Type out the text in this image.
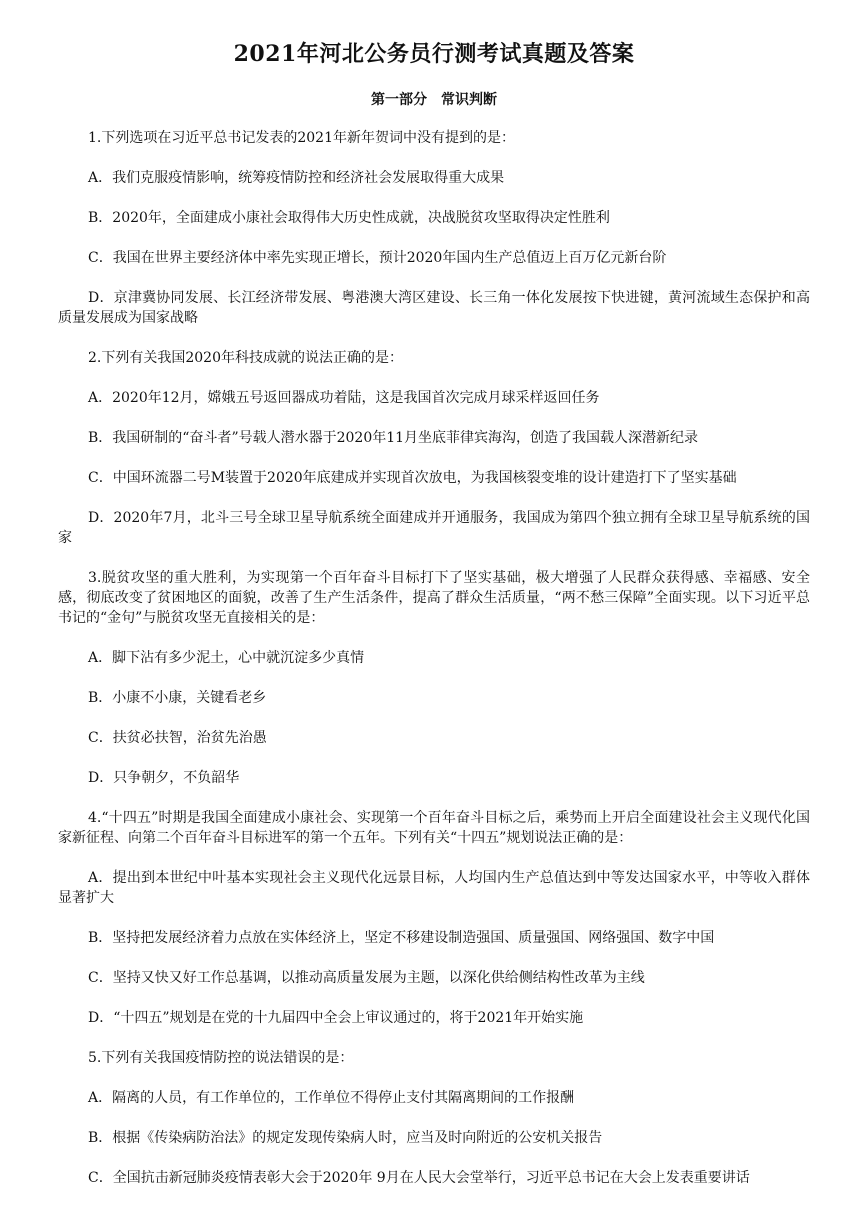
2021年河北公务员行测考试真题及答案
第一部分　常识判断

1.下列选项在习近平总书记发表的2021年新年贺词中没有提到的是：

A．我们克服疫情影响，统筹疫情防控和经济社会发展取得重大成果

B．2020年，全面建成小康社会取得伟大历史性成就，决战脱贫攻坚取得决定性胜利

C．我国在世界主要经济体中率先实现正增长，预计2020年国内生产总值迈上百万亿元新台阶

D．京津冀协同发展、长江经济带发展、粤港澳大湾区建设、长三角一体化发展按下快进键，黄河流域生态保护和高质量发展成为国家战略

2.下列有关我国2020年科技成就的说法正确的是：

A．2020年12月，嫦娥五号返回器成功着陆，这是我国首次完成月球采样返回任务

B．我国研制的“奋斗者”号载人潜水器于2020年11月坐底菲律宾海沟，创造了我国载人深潜新纪录

C．中国环流器二号M装置于2020年底建成并实现首次放电，为我国核裂变堆的设计建造打下了坚实基础

D．2020年7月，北斗三号全球卫星导航系统全面建成并开通服务，我国成为第四个独立拥有全球卫星导航系统的国家

3.脱贫攻坚的重大胜利，为实现第一个百年奋斗目标打下了坚实基础，极大增强了人民群众获得感、幸福感、安全感，彻底改变了贫困地区的面貌，改善了生产生活条件，提高了群众生活质量，“两不愁三保障”全面实现。以下习近平总书记的“金句”与脱贫攻坚无直接相关的是：

A．脚下沾有多少泥土，心中就沉淀多少真情

B．小康不小康，关键看老乡

C．扶贫必扶智，治贫先治愚

D．只争朝夕，不负韶华

4.“十四五”时期是我国全面建成小康社会、实现第一个百年奋斗目标之后，乘势而上开启全面建设社会主义现代化国家新征程、向第二个百年奋斗目标进军的第一个五年。下列有关“十四五”规划说法正确的是：

A．提出到本世纪中叶基本实现社会主义现代化远景目标，人均国内生产总值达到中等发达国家水平，中等收入群体显著扩大

B．坚持把发展经济着力点放在实体经济上，坚定不移建设制造强国、质量强国、网络强国、数字中国

C．坚持又快又好工作总基调，以推动高质量发展为主题，以深化供给侧结构性改革为主线

D．“十四五”规划是在党的十九届四中全会上审议通过的，将于2021年开始实施

5.下列有关我国疫情防控的说法错误的是：

A．隔离的人员，有工作单位的，工作单位不得停止支付其隔离期间的工作报酬

B．根据《传染病防治法》的规定发现传染病人时，应当及时向附近的公安机关报告

C．全国抗击新冠肺炎疫情表彰大会于2020年 9月在人民大会堂举行，习近平总书记在大会上发表重要讲话
